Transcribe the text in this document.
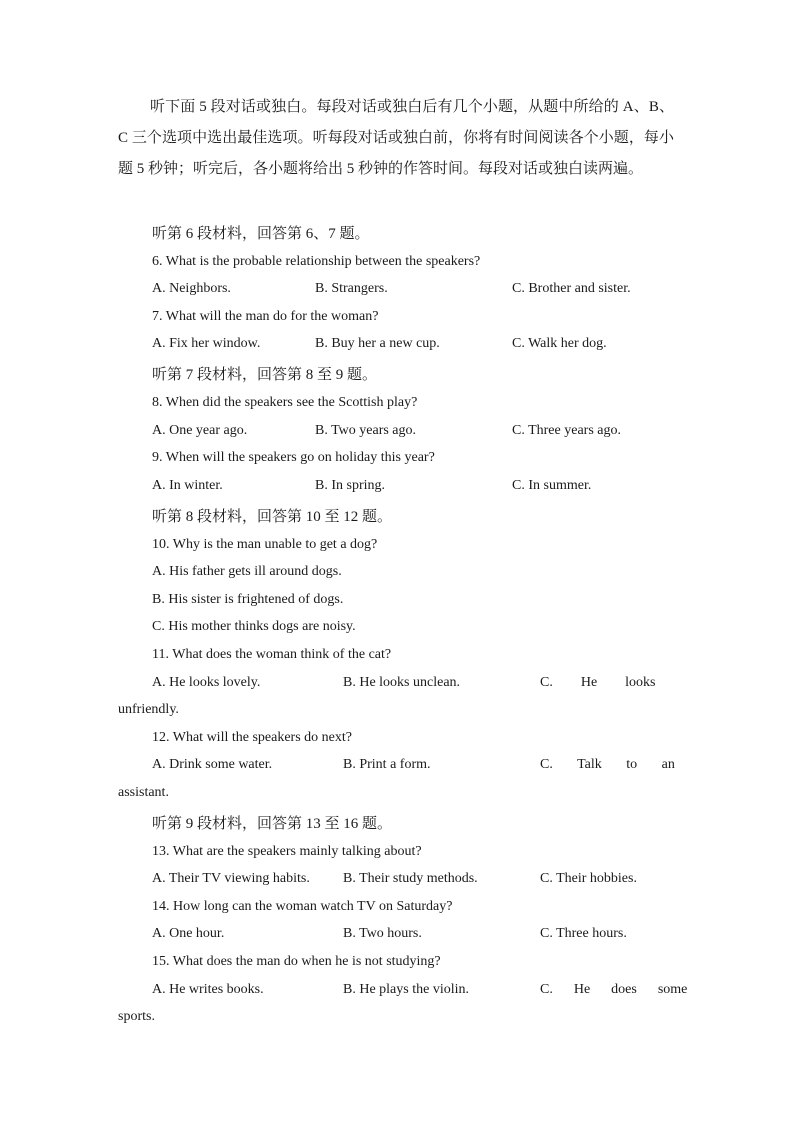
听下面 5 段对话或独白。每段对话或独白后有几个小题，从题中所给的 A、B、C 三个选项中选出最佳选项。听每段对话或独白前，你将有时间阅读各个小题，每小题 5 秒钟；听完后，各小题将给出 5 秒钟的作答时间。每段对话或独白读两遍。

听第 6 段材料，回答第 6、7 题。
6. What is the probable relationship between the speakers?
A. Neighbors.	B. Strangers.	C. Brother and sister.
7. What will the man do for the woman?
A. Fix her window.	B. Buy her a new cup.	C. Walk her dog.
听第 7 段材料，回答第 8 至 9 题。
8. When did the speakers see the Scottish play?
A. One year ago.	B. Two years ago.	C. Three years ago.
9. When will the speakers go on holiday this year?
A. In winter.	B. In spring.	C. In summer.
听第 8 段材料，回答第 10 至 12 题。
10. Why is the man unable to get a dog?
A. His father gets ill around dogs.
B. His sister is frightened of dogs.
C. His mother thinks dogs are noisy.
11. What does the woman think of the cat?
A. He looks lovely.	B. He looks unclean.	C.        He        looks
unfriendly.
12. What will the speakers do next?
A. Drink some water.	B. Print a form.	C.       Talk       to       an
assistant.
听第 9 段材料，回答第 13 至 16 题。
13. What are the speakers mainly talking about?
A. Their TV viewing habits. B. Their study methods.	C. Their hobbies.
14. How long can the woman watch TV on Saturday?
A. One hour.	B. Two hours.	C. Three hours.
15. What does the man do when he is not studying?
A. He writes books.	B. He plays the violin.	C.      He      does      some
sports.
